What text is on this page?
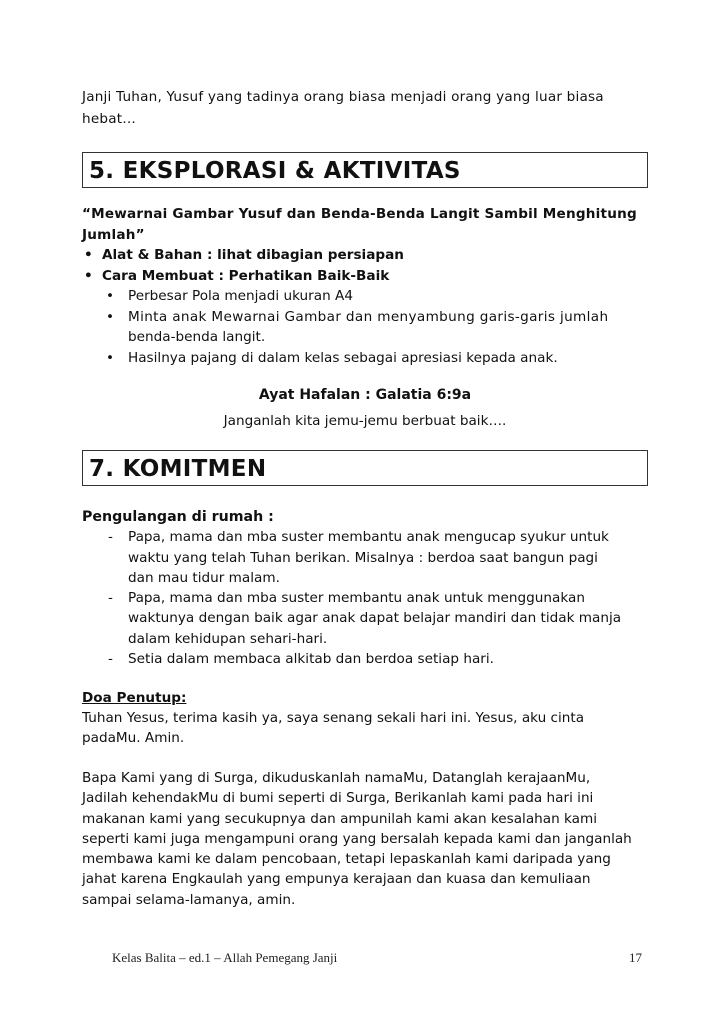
Janji Tuhan, Yusuf yang tadinya orang biasa menjadi orang yang luar biasa
hebat…
5. EKSPLORASI & AKTIVITAS
“Mewarnai Gambar Yusuf dan Benda-Benda Langit Sambil Menghitung
Jumlah”
• Alat & Bahan : lihat dibagian persiapan
• Cara Membuat : Perhatikan Baik-Baik
• Perbesar Pola menjadi ukuran A4
• Minta anak Mewarnai Gambar dan menyambung garis-garis jumlah
benda-benda langit.
• Hasilnya pajang di dalam kelas sebagai apresiasi kepada anak.
Ayat Hafalan : Galatia 6:9a
Janganlah kita jemu-jemu berbuat baik….
7. KOMITMEN
Pengulangan di rumah :
- Papa, mama dan mba suster membantu anak mengucap syukur untuk
waktu yang telah Tuhan berikan. Misalnya : berdoa saat bangun pagi
dan mau tidur malam.
- Papa, mama dan mba suster membantu anak untuk menggunakan
waktunya dengan baik agar anak dapat belajar mandiri dan tidak manja
dalam kehidupan sehari-hari.
- Setia dalam membaca alkitab dan berdoa setiap hari.
Doa Penutup:
Tuhan Yesus, terima kasih ya, saya senang sekali hari ini. Yesus, aku cinta
padaMu. Amin.
Bapa Kami yang di Surga, dikuduskanlah namaMu, Datanglah kerajaanMu,
Jadilah kehendakMu di bumi seperti di Surga, Berikanlah kami pada hari ini
makanan kami yang secukupnya dan ampunilah kami akan kesalahan kami
seperti kami juga mengampuni orang yang bersalah kepada kami dan janganlah
membawa kami ke dalam pencobaan, tetapi lepaskanlah kami daripada yang
jahat karena Engkaulah yang empunya kerajaan dan kuasa dan kemuliaan
sampai selama-lamanya, amin.
Kelas Balita – ed.1 – Allah Pemegang Janji	17
